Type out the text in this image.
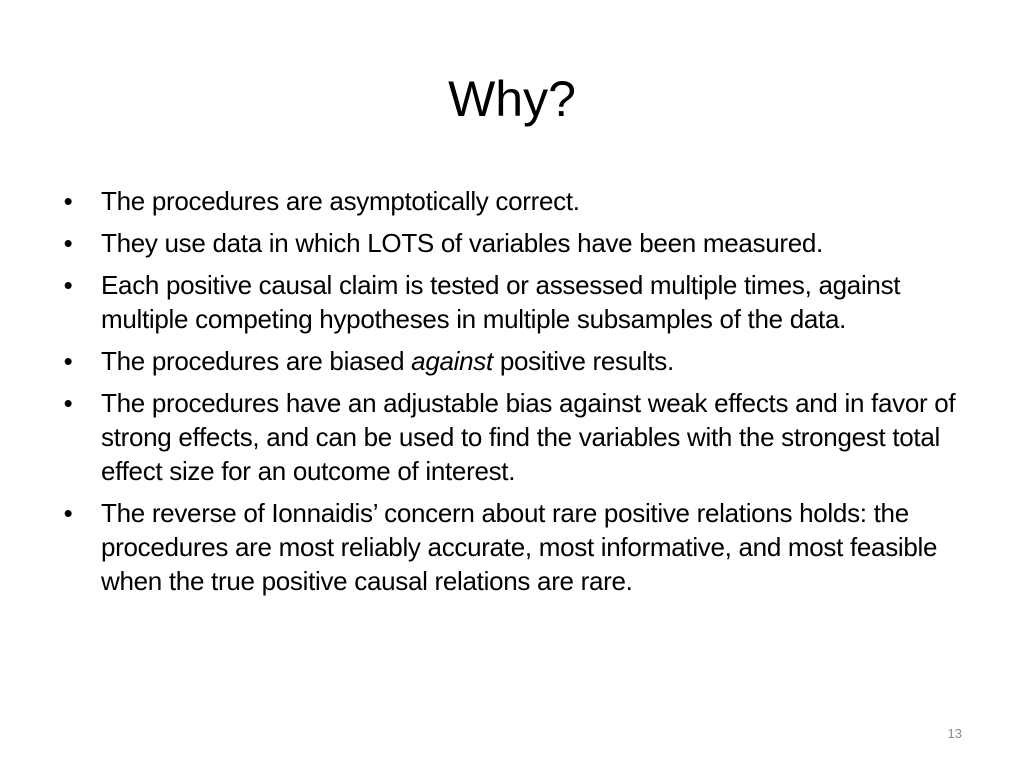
Why?
• The procedures are asymptotically correct.
• They use data in which LOTS of variables have been measured.
• Each positive causal claim is tested or assessed multiple times, against multiple competing hypotheses in multiple subsamples of the data.
• The procedures are biased against positive results.
• The procedures have an adjustable bias against weak effects and in favor of strong effects, and can be used to find the variables with the strongest total effect size for an outcome of interest.
• The reverse of Ionnaidis’ concern about rare positive relations holds: the procedures are most reliably accurate, most informative, and most feasible when the true positive causal relations are rare.
13
